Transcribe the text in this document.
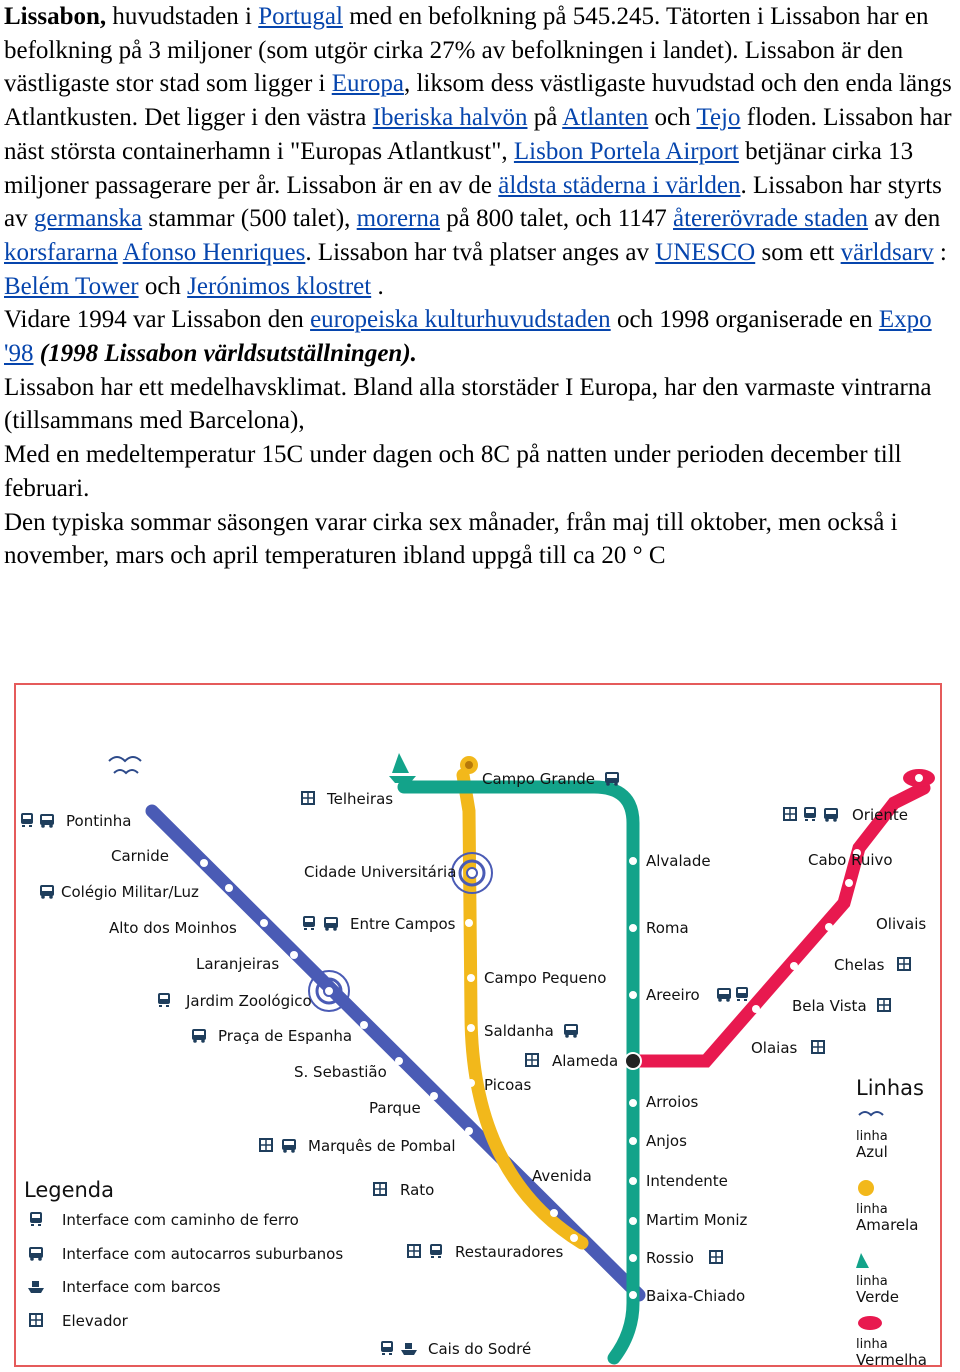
Lissabon, huvudstaden i Portugal med en befolkning på 545.245. Tätorten i Lissabon har en befolkning på 3 miljoner (som utgör cirka 27% av befolkningen i landet). Lissabon är den västligaste stor stad som ligger i Europa, liksom dess västligaste huvudstad och den enda längs Atlantkusten. Det ligger i den västra Iberiska halvön på Atlanten och Tejo floden. Lissabon har näst största containerhamn i "Europas Atlantkust", Lisbon Portela Airport betjänar cirka 13 miljoner passagerare per år. Lissabon är en av de äldsta städerna i världen. Lissabon har styrts av germanska stammar (500 talet), morerna på 800 talet, och 1147 återerövrade staden av den korsfararna Afonso Henriques. Lissabon har två platser anges av UNESCO som ett världsarv : Belém Tower och Jerónimos klostret .

Vidare 1994 var Lissabon den europeiska kulturhuvudstaden och 1998 organiserade en Expo '98 (1998 Lissabon världsutställningen).

Lissabon har ett medelhavsklimat. Bland alla storstäder I Europa, har den varmaste vintrarna (tillsammans med Barcelona),

Med en medeltemperatur 15C under dagen och 8C på natten under perioden december till februari.

Den typiska sommar säsongen varar cirka sex månader, från maj till oktober, men också i november, mars och april temperaturen ibland uppgå till ca 20 ° C

Pontinha
Carnide
Colégio Militar/Luz
Alto dos Moinhos
Laranjeiras
Jardim Zoológico
Praça de Espanha
S. Sebastião
Parque
Marquês de Pombal
Avenida
Restauradores
Cais do Sodré
Telheiras
Cidade Universitária
Entre Campos
Campo Pequeno
Saldanha
Picoas
Rato
Campo Grande
Alvalade
Roma
Areeiro
Alameda
Arroios
Anjos
Intendente
Martim Moniz
Rossio
Baixa-Chiado
Oriente
Cabo Ruivo
Olivais
Chelas
Bela Vista
Olaias
Legenda
Interface com caminho de ferro
Interface com autocarros suburbanos
Interface com barcos
Elevador
Linhas
linha
Azul
linha
Amarela
linha
Verde
linha
Vermelha
